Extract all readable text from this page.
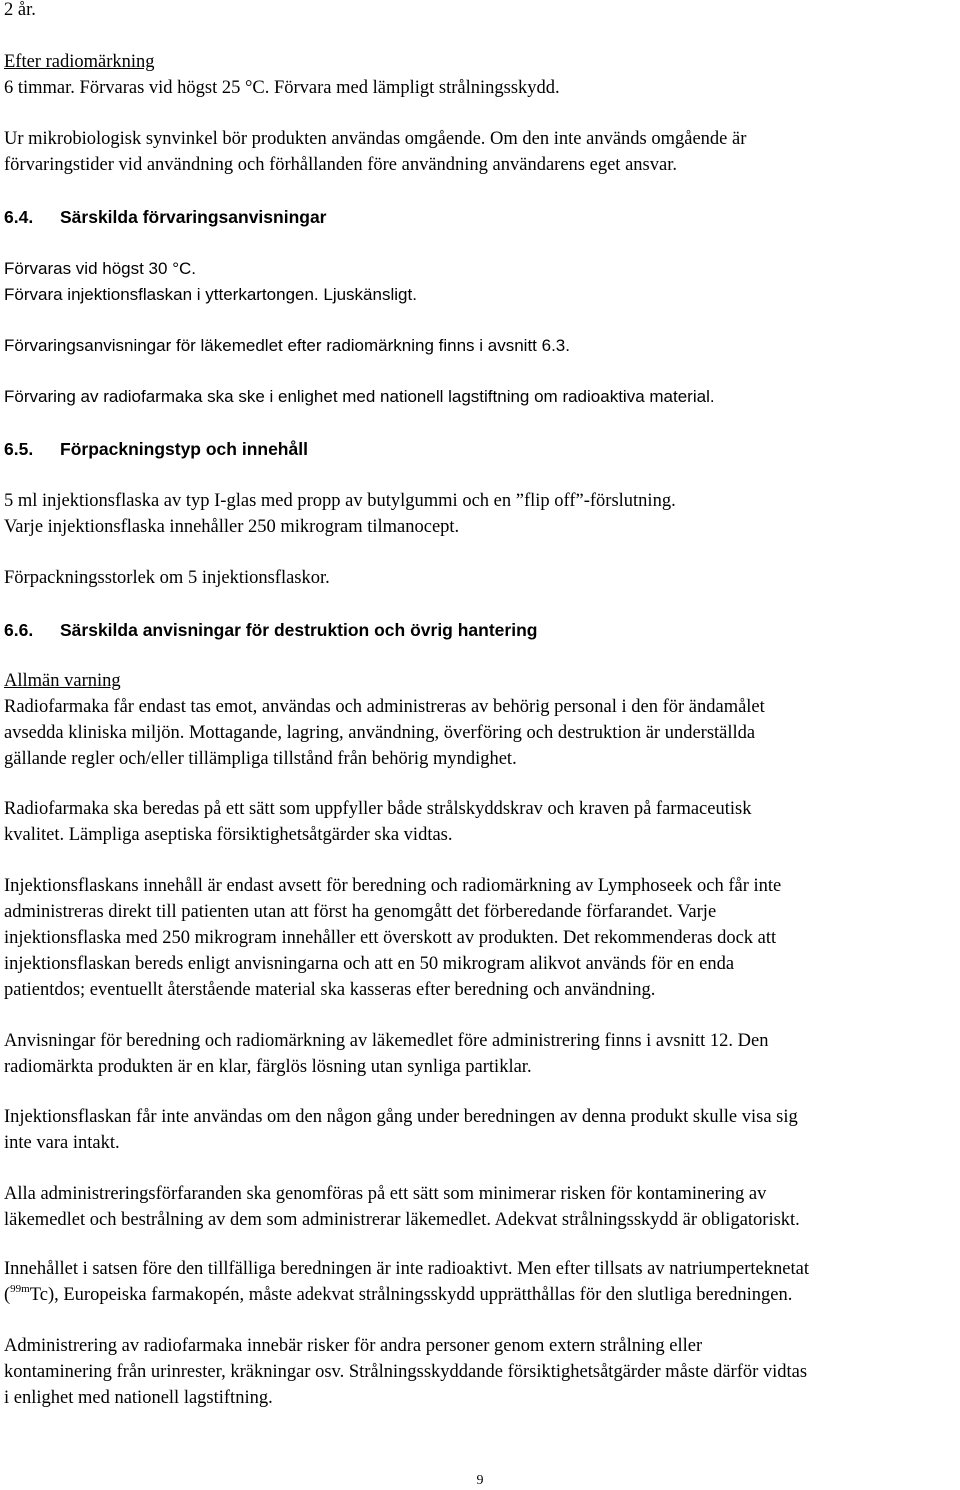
2 år.
Efter radiomärkning
6 timmar. Förvaras vid högst 25 °C. Förvara med lämpligt strålningsskydd.
Ur mikrobiologisk synvinkel bör produkten användas omgående. Om den inte används omgående är
förvaringstider vid användning och förhållanden före användning användarens eget ansvar.
6.4. Särskilda förvaringsanvisningar
Förvaras vid högst 30 °C.
Förvara injektionsflaskan i ytterkartongen. Ljuskänsligt.
Förvaringsanvisningar för läkemedlet efter radiomärkning finns i avsnitt 6.3.
Förvaring av radiofarmaka ska ske i enlighet med nationell lagstiftning om radioaktiva material.
6.5. Förpackningstyp och innehåll
5 ml injektionsflaska av typ I-glas med propp av butylgummi och en ”flip off”-förslutning.
Varje injektionsflaska innehåller 250 mikrogram tilmanocept.
Förpackningsstorlek om 5 injektionsflaskor.
6.6. Särskilda anvisningar för destruktion och övrig hantering
Allmän varning
Radiofarmaka får endast tas emot, användas och administreras av behörig personal i den för ändamålet
avsedda kliniska miljön. Mottagande, lagring, användning, överföring och destruktion är underställda
gällande regler och/eller tillämpliga tillstånd från behörig myndighet.
Radiofarmaka ska beredas på ett sätt som uppfyller både strålskyddskrav och kraven på farmaceutisk
kvalitet. Lämpliga aseptiska försiktighetsåtgärder ska vidtas.
Injektionsflaskans innehåll är endast avsett för beredning och radiomärkning av Lymphoseek och får inte
administreras direkt till patienten utan att först ha genomgått det förberedande förfarandet. Varje
injektionsflaska med 250 mikrogram innehåller ett överskott av produkten. Det rekommenderas dock att
injektionsflaskan bereds enligt anvisningarna och att en 50 mikrogram alikvot används för en enda
patientdos; eventuellt återstående material ska kasseras efter beredning och användning.
Anvisningar för beredning och radiomärkning av läkemedlet före administrering finns i avsnitt 12. Den
radiomärkta produkten är en klar, färglös lösning utan synliga partiklar.
Injektionsflaskan får inte användas om den någon gång under beredningen av denna produkt skulle visa sig
inte vara intakt.
Alla administreringsförfaranden ska genomföras på ett sätt som minimerar risken för kontaminering av
läkemedlet och bestrålning av dem som administrerar läkemedlet. Adekvat strålningsskydd är obligatoriskt.
Innehållet i satsen före den tillfälliga beredningen är inte radioaktivt. Men efter tillsats av natriumperteknetat
($^{99m}$Tc), Europeiska farmakopén, måste adekvat strålningsskydd upprätthållas för den slutliga beredningen.
Administrering av radiofarmaka innebär risker för andra personer genom extern strålning eller
kontaminering från urinrester, kräkningar osv. Strålningsskyddande försiktighetsåtgärder måste därför vidtas
i enlighet med nationell lagstiftning.
9
